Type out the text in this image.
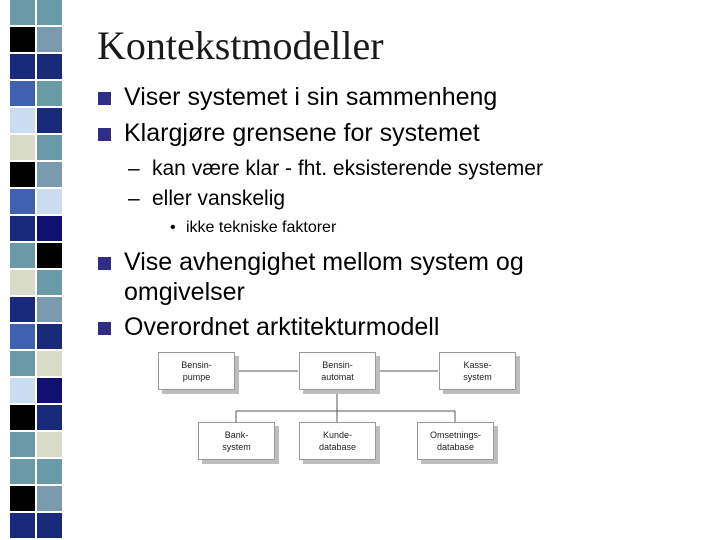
Kontekstmodeller
Viser systemet i sin sammenheng
Klargjøre grensene for systemet
– kan være klar - fht. eksisterende systemer
– eller vanskelig
• ikke tekniske faktorer
Vise avhengighet mellom system og
omgivelser
Overordnet arktitekturmodell
Bensin-
pumpe
Bensin-
automat
Kasse-
system
Bank-
system
Kunde-
database
Omsetnings-
database
